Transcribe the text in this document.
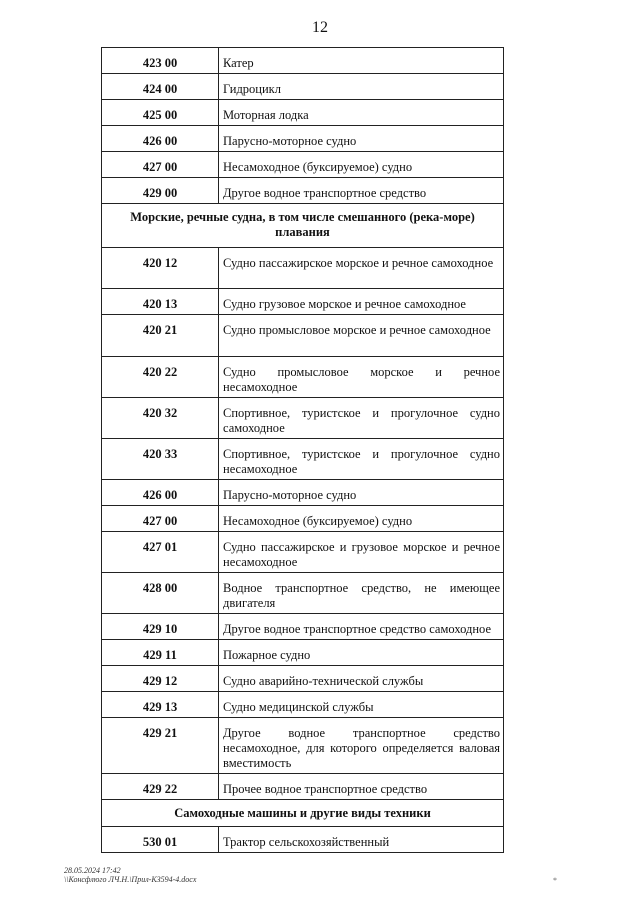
12
423 00	Катер
424 00	Гидроцикл
425 00	Моторная лодка
426 00	Парусно-моторное судно
427 00	Несамоходное (буксируемое) судно
429 00	Другое водное транспортное средство
Морские, речные судна, в том числе смешанного (река-море) плавания	
420 12	Судно пассажирское морское и речное самоходное
420 13	Судно грузовое морское и речное самоходное
420 21	Судно промысловое морское и речное самоходное
420 22	Судно промысловое морское и речное несамоходное
420 32	Спортивное, туристское и прогулочное судно самоходное
420 33	Спортивное, туристское и прогулочное судно несамоходное
426 00	Парусно-моторное судно
427 00	Несамоходное (буксируемое) судно
427 01	Судно пассажирское и грузовое морское и речное несамоходное
428 00	Водное транспортное средство, не имеющее двигателя
429 10	Другое водное транспортное средство самоходное
429 11	Пожарное судно
429 12	Судно аварийно-технической службы
429 13	Судно медицинской службы
429 21	Другое водное транспортное средство несамоходное, для которого определяется валовая вместимость
429 22	Прочее водное транспортное средство
Самоходные машины и другие виды техники	
530 01	Трактор сельскохозяйственный
28.05.2024 17:42
\\Консфлюго ЛЧ.Н.\Прил-КЗ594-4.docx	*
